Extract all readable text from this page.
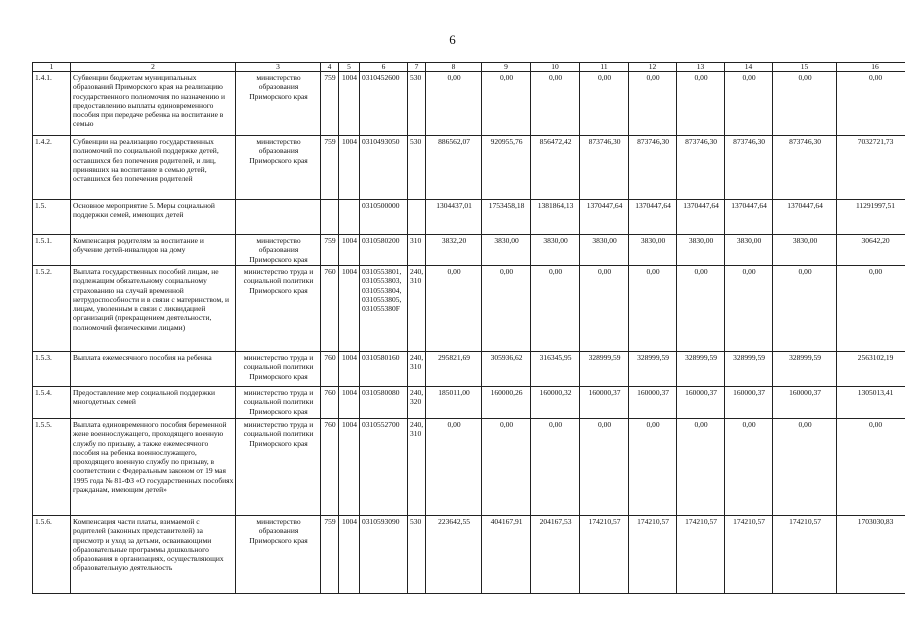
6
1	2	3	4	5	6	7	8	9	10	11	12	13	14	15	16
1.4.1.	Субвенции бюджетам муниципальных образований Приморского края на реализацию государственного полномочия по назначению и предоставлению выплаты единовременного пособия при передаче ребенка на воспитание в семью	министерство образования Приморского края	759	1004	0310452600	530	0,00	0,00	0,00	0,00	0,00	0,00	0,00	0,00	0,00
1.4.2.	Субвенции на реализацию государственных полномочий по социальной поддержке детей, оставшихся без попечения родителей, и лиц, принявших на воспитание в семью детей, оставшихся без попечения родителей	министерство образования Приморского края	759	1004	0310493050	530	886562,07	920955,76	856472,42	873746,30	873746,30	873746,30	873746,30	873746,30	7032721,73
1.5.	Основное мероприятие 5. Меры социальной поддержки семей, имеющих детей				0310500000		1304437,01	1753458,18	1381864,13	1370447,64	1370447,64	1370447,64	1370447,64	1370447,64	11291997,51
1.5.1.	Компенсация родителям за воспитание и обучение детей-инвалидов на дому	министерство образования Приморского края	759	1004	0310580200	310	3832,20	3830,00	3830,00	3830,00	3830,00	3830,00	3830,00	3830,00	30642,20
1.5.2.	Выплата государственных пособий лицам, не подлежащим обязательному социальному страхованию на случай временной нетрудоспособности и в связи с материнством, и лицам, уволенным в связи с ликвидацией организаций (прекращением деятельности, полномочий физическими лицами)	министерство труда и социальной политики Приморского края	760	1004	0310553801, 0310553803, 0310553804, 0310553805, 031055380F	240, 310	0,00	0,00	0,00	0,00	0,00	0,00	0,00	0,00	0,00
1.5.3.	Выплата ежемесячного пособия на ребенка	министерство труда и социальной политики Приморского края	760	1004	0310580160	240, 310	295821,69	305936,62	316345,95	328999,59	328999,59	328999,59	328999,59	328999,59	2563102,19
1.5.4.	Предоставление мер социальной поддержки многодетных семей	министерство труда и социальной политики Приморского края	760	1004	0310580080	240, 320	185011,00	160000,26	160000,32	160000,37	160000,37	160000,37	160000,37	160000,37	1305013,41
1.5.5.	Выплата единовременного пособия беременной жене военнослужащего, проходящего военную службу по призыву, а также ежемесячного пособия на ребенка военнослужащего, проходящего военную службу по призыву, в соответствии с Федеральным законом от 19 мая 1995 года № 81-ФЗ «О государственных пособиях гражданам, имеющим детей»	министерство труда и социальной политики Приморского края	760	1004	0310552700	240, 310	0,00	0,00	0,00	0,00	0,00	0,00	0,00	0,00	0,00
1.5.6.	Компенсация части платы, взимаемой с родителей (законных представителей) за присмотр и уход за детьми, осваивающими образовательные программы дошкольного образования в организациях, осуществляющих образовательную деятельность	министерство образования Приморского края	759	1004	0310593090	530	223642,55	404167,91	204167,53	174210,57	174210,57	174210,57	174210,57	174210,57	1703030,83
